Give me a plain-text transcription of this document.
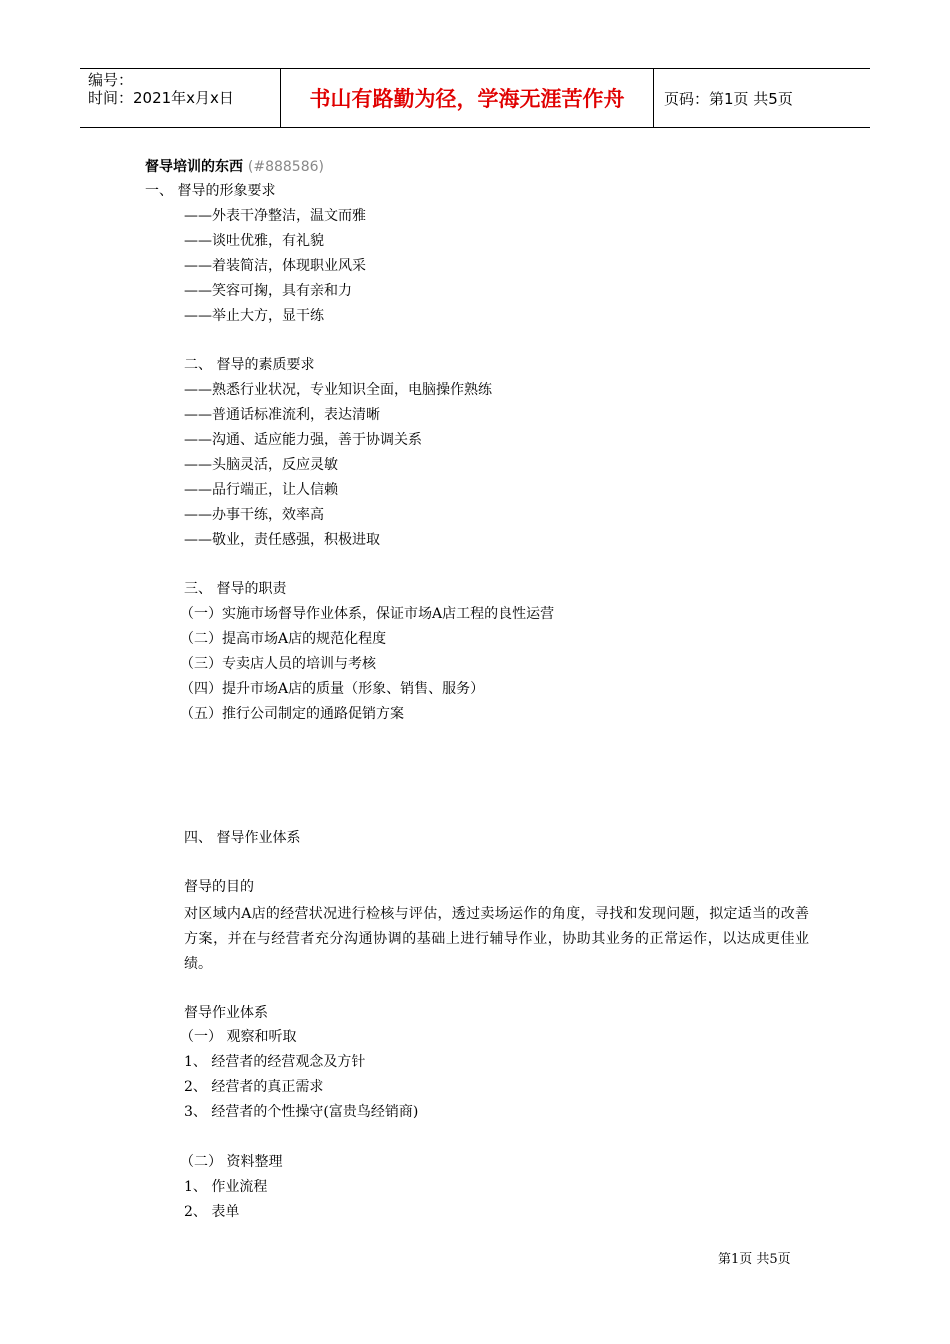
编号：
时间：2021年x月x日	书山有路勤为径，学海无涯苦作舟	页码：第1页 共5页
督导培训的东西 (#888586)
一、 督导的形象要求
——外表干净整洁，温文而雅
——谈吐优雅，有礼貌
——着装简洁，体现职业风采
——笑容可掬，具有亲和力
——举止大方，显干练
二、 督导的素质要求
——熟悉行业状况，专业知识全面，电脑操作熟练
——普通话标准流利，表达清晰
——沟通、适应能力强，善于协调关系
——头脑灵活，反应灵敏
——品行端正，让人信赖
——办事干练，效率高
——敬业，责任感强，积极进取
三、 督导的职责
（一）实施市场督导作业体系，保证市场A店工程的良性运营
（二）提高市场A店的规范化程度
（三）专卖店人员的培训与考核
（四）提升市场A店的质量（形象、销售、服务）
（五）推行公司制定的通路促销方案
四、 督导作业体系
督导的目的
对区域内A店的经营状况进行检核与评估，透过卖场运作的角度，寻找和发现问题，拟定适当的改善方案，并在与经营者充分沟通协调的基础上进行辅导作业，协助其业务的正常运作，以达成更佳业绩。
督导作业体系
（一） 观察和听取
1、 经营者的经营观念及方针
2、 经营者的真正需求
3、 经营者的个性操守(富贵鸟经销商)
（二） 资料整理
1、 作业流程
2、 表单
第1页 共5页
